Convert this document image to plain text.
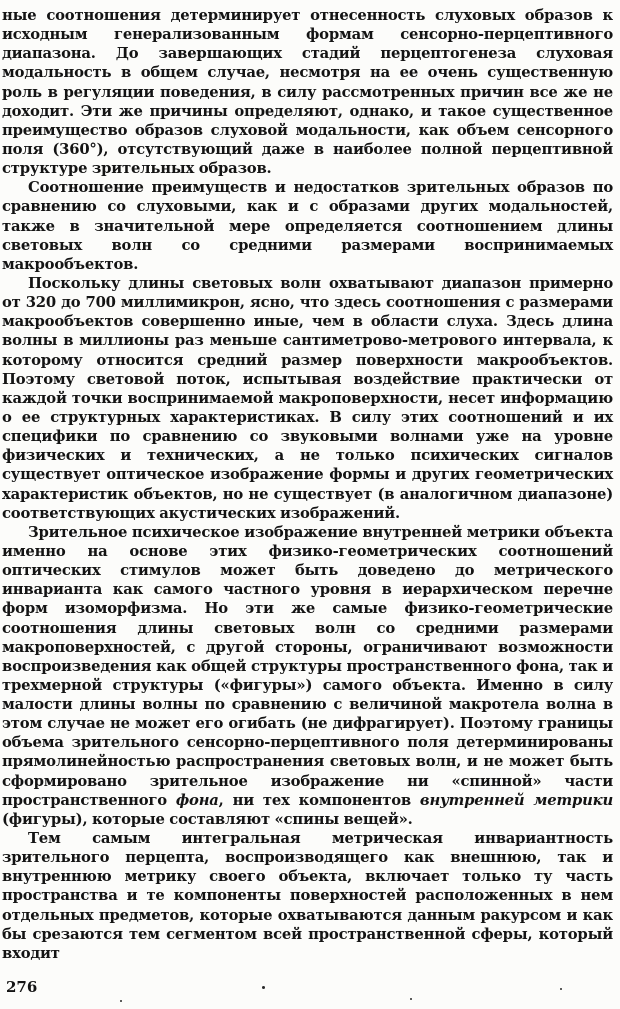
ные соотношения детерминирует отнесенность слуховых образов к исходным генерализованным формам сенсорно-перцептивного диапазона. До завершающих стадий перцептогенеза слуховая модальность в общем случае, несмотря на ее очень существенную роль в регуляции поведения, в силу рассмотренных причин все же не доходит. Эти же причины определяют, однако, и такое существенное преимущество образов слуховой модальности, как объем сенсорного поля (360°), отсутствующий даже в наиболее полной перцептивной структуре зрительных образов.

Соотношение преимуществ и недостатков зрительных образов по сравнению со слуховыми, как и с образами других модальностей, также в значительной мере определяется соотношением длины световых волн со средними размерами воспринимаемых макрообъектов.

Поскольку длины световых волн охватывают диапазон примерно от 320 до 700 миллимикрон, ясно, что здесь соотношения с размерами макрообъектов совершенно иные, чем в области слуха. Здесь длина волны в миллионы раз меньше сантиметрово-метрового интервала, к которому относится средний размер поверхности макрообъектов. Поэтому световой поток, испытывая воздействие практически от каждой точки воспринимаемой макроповерхности, несет информацию о ее структурных характеристиках. В силу этих соотношений и их специфики по сравнению со звуковыми волнами уже на уровне физических и технических, а не только психических сигналов существует оптическое изображение формы и других геометрических характеристик объектов, но не существует (в аналогичном диапазоне) соответствующих акустических изображений.

Зрительное психическое изображение внутренней метрики объекта именно на основе этих физико-геометрических соотношений оптических стимулов может быть доведено до метрического инварианта как самого частного уровня в иерархическом перечне форм изоморфизма. Но эти же самые физико-геометрические соотношения длины световых волн со средними размерами макроповерхностей, с другой стороны, ограничивают возможности воспроизведения как общей структуры пространственного фона, так и трехмерной структуры («фигуры») самого объекта. Именно в силу малости длины волны по сравнению с величиной макротела волна в этом случае не может его огибать (не дифрагирует). Поэтому границы объема зрительного сенсорно-перцептивного поля детерминированы прямолинейностью распространения световых волн, и не может быть сформировано зрительное изображение ни «спинной» части пространственного фона, ни тех компонентов внутренней метрики (фигуры), которые составляют «спины вещей».

Тем самым интегральная метрическая инвариантность зрительного перцепта, воспроизводящего как внешнюю, так и внутреннюю метрику своего объекта, включает только ту часть пространства и те компоненты поверхностей расположенных в нем отдельных предметов, которые охватываются данным ракурсом и как бы срезаются тем сегментом всей пространственной сферы, который входит

276
